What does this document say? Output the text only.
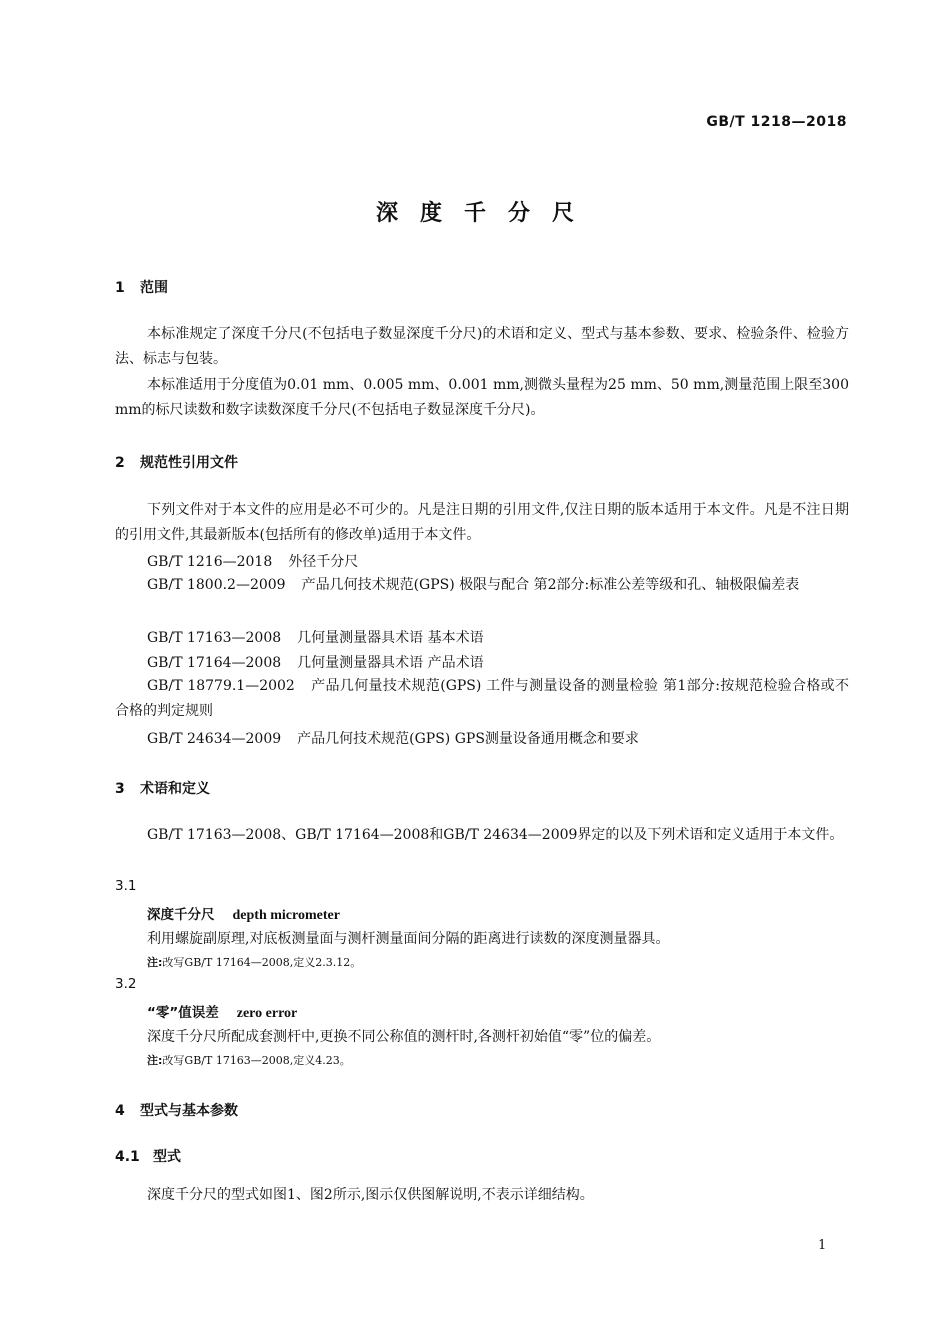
GB/T 1218—2018
深度千分尺
1 范围
本标准规定了深度千分尺(不包括电子数显深度千分尺)的术语和定义、型式与基本参数、要求、检验条件、检验方法、标志与包装。
本标准适用于分度值为0.01 mm、0.005 mm、0.001 mm,测微头量程为25 mm、50 mm,测量范围上限至300 mm的标尺读数和数字读数深度千分尺(不包括电子数显深度千分尺)。
2 规范性引用文件
下列文件对于本文件的应用是必不可少的。凡是注日期的引用文件,仅注日期的版本适用于本文件。凡是不注日期的引用文件,其最新版本(包括所有的修改单)适用于本文件。
GB/T 1216—2018 外径千分尺
GB/T 1800.2—2009 产品几何技术规范(GPS) 极限与配合 第2部分:标准公差等级和孔、轴极限偏差表
GB/T 17163—2008 几何量测量器具术语 基本术语
GB/T 17164—2008 几何量测量器具术语 产品术语
GB/T 18779.1—2002 产品几何量技术规范(GPS) 工件与测量设备的测量检验 第1部分:按规范检验合格或不合格的判定规则
GB/T 24634—2009 产品几何技术规范(GPS) GPS测量设备通用概念和要求
3 术语和定义
GB/T 17163—2008、GB/T 17164—2008和GB/T 24634—2009界定的以及下列术语和定义适用于本文件。
3.1
深度千分尺 depth micrometer
利用螺旋副原理,对底板测量面与测杆测量面间分隔的距离进行读数的深度测量器具。
注:改写GB/T 17164—2008,定义2.3.12。
3.2
“零”值误差 zero error
深度千分尺所配成套测杆中,更换不同公称值的测杆时,各测杆初始值“零”位的偏差。
注:改写GB/T 17163—2008,定义4.23。
4 型式与基本参数
4.1 型式
深度千分尺的型式如图1、图2所示,图示仅供图解说明,不表示详细结构。
1
